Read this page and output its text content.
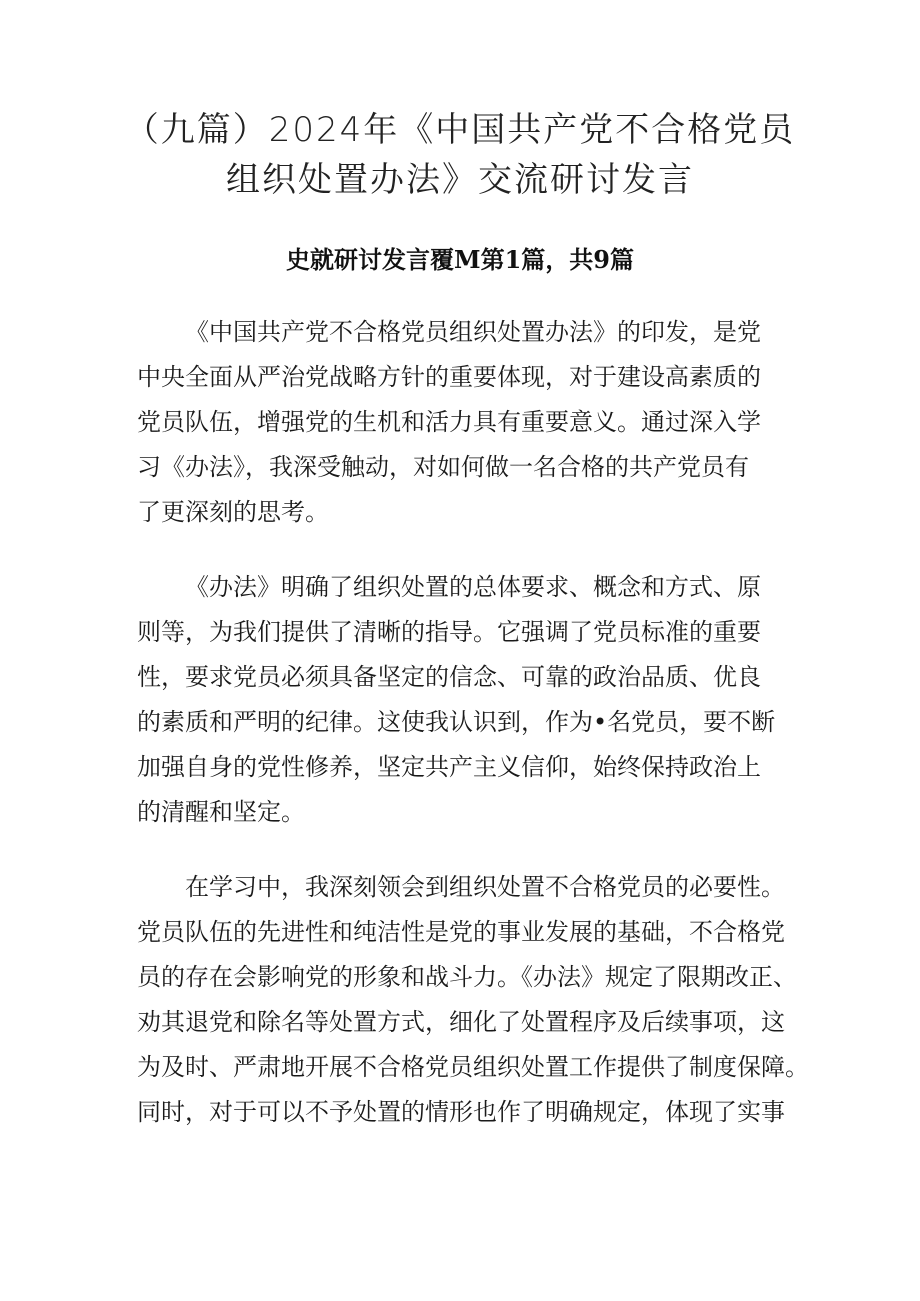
（九篇）2024年《中国共产党不合格党员
组织处置办法》交流研讨发言
史就研讨发言覆M第1篇，共9篇
《中国共产党不合格党员组织处置办法》的印发，是党
中央全面从严治党战略方针的重要体现，对于建设高素质的
党员队伍，增强党的生机和活力具有重要意义。通过深入学
习《办法》，我深受触动，对如何做一名合格的共产党员有
了更深刻的思考。
《办法》明确了组织处置的总体要求、概念和方式、原
则等，为我们提供了清晰的指导。它强调了党员标准的重要
性，要求党员必须具备坚定的信念、可靠的政治品质、优良
的素质和严明的纪律。这使我认识到，作为•名党员，要不断
加强自身的党性修养，坚定共产主义信仰，始终保持政治上
的清醒和坚定。
在学习中，我深刻领会到组织处置不合格党员的必要性。
党员队伍的先进性和纯洁性是党的事业发展的基础，不合格党
员的存在会影响党的形象和战斗力。《办法》规定了限期改正、
劝其退党和除名等处置方式，细化了处置程序及后续事项，这
为及时、严肃地开展不合格党员组织处置工作提供了制度保障。
同时，对于可以不予处置的情形也作了明确规定，体现了实事
